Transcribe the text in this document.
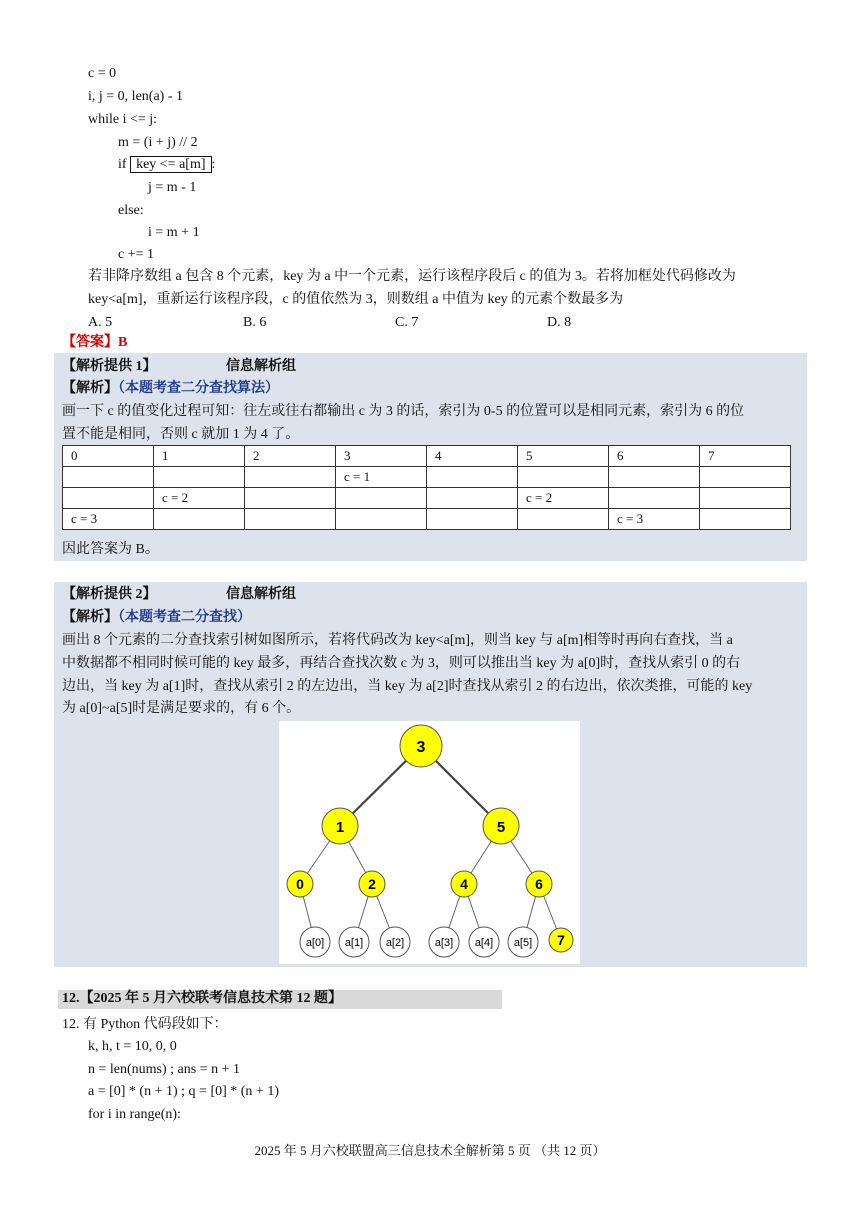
c = 0
i, j = 0, len(a) - 1
while i <= j:
m = (i + j) // 2
if key <= a[m] :
j = m - 1
else:
i = m + 1
c += 1
若非降序数组 a 包含 8 个元素，key 为 a 中一个元素，运行该程序段后 c 的值为 3。若将加框处代码修改为
key<a[m]，重新运行该程序段，c 的值依然为 3，则数组 a 中值为 key 的元素个数最多为
A. 5	B. 6	C. 7	D. 8
【答案】B
【解析提供 1】	信息解析组
【解析】（本题考查二分查找算法）
画一下 c 的值变化过程可知：往左或往右都输出 c 为 3 的话，索引为 0-5 的位置可以是相同元素，索引为 6 的位
置不能是相同，否则 c 就加 1 为 4 了。
0	1	2	3	4	5	6	7
			c = 1				
	c = 2				c = 2		
c = 3						c = 3	
因此答案为 B。
【解析提供 2】	信息解析组
【解析】（本题考查二分查找）
画出 8 个元素的二分查找索引树如图所示，若将代码改为 key<a[m]，则当 key 与 a[m]相等时再向右查找，当 a
中数据都不相同时候可能的 key 最多，再结合查找次数 c 为 3，则可以推出当 key 为 a[0]时，查找从索引 0 的右
边出，当 key 为 a[1]时，查找从索引 2 的左边出，当 key 为 a[2]时查找从索引 2 的右边出，依次类推，可能的 key
为 a[0]~a[5]时是满足要求的，有 6 个。
3
1	5
0	2	4	6
a[0] a[1] a[2]	a[3] a[4] a[5] 7
12.【2025 年 5 月六校联考信息技术第 12 题】
12. 有 Python 代码段如下：
k, h, t = 10, 0, 0
n = len(nums) ; ans = n + 1
a = [0] * (n + 1) ; q = [0] * (n + 1)
for i in range(n):
2025 年 5 月六校联盟高三信息技术全解析第 5 页 （共 12 页）
